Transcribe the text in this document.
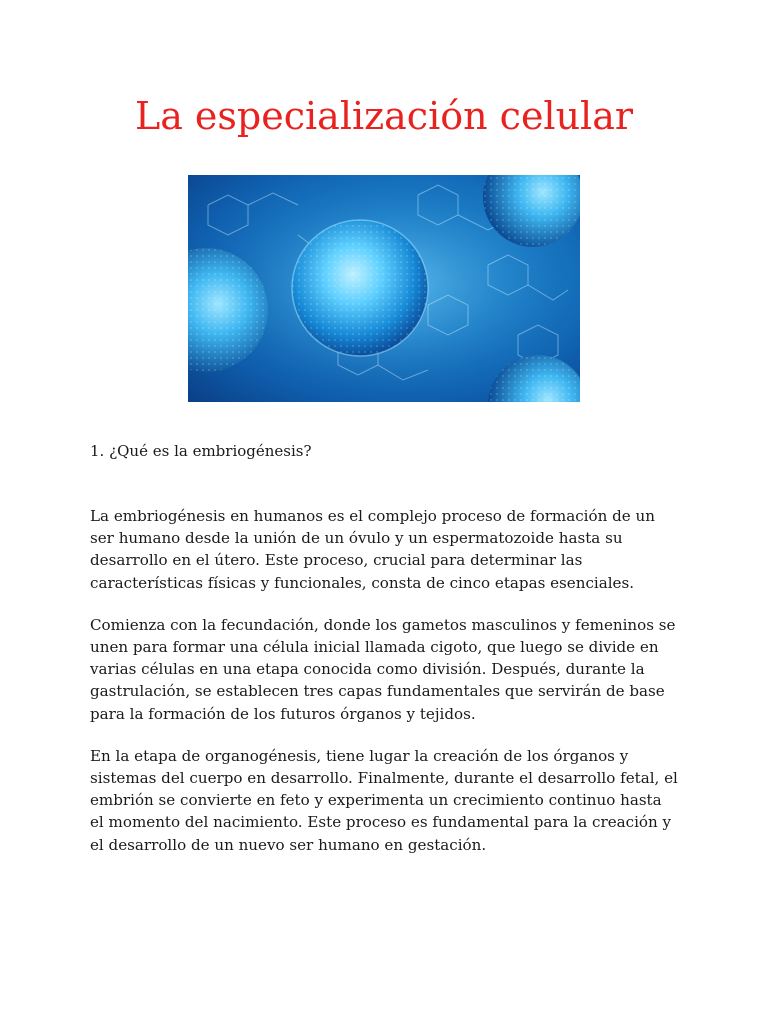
La especialización celular
1. ¿Qué es la embriogénesis?

La embriogénesis en humanos es el complejo proceso de formación de un ser humano desde la unión de un óvulo y un espermatozoide hasta su desarrollo en el útero. Este proceso, crucial para determinar las características físicas y funcionales, consta de cinco etapas esenciales.

Comienza con la fecundación, donde los gametos masculinos y femeninos se unen para formar una célula inicial llamada cigoto, que luego se divide en varias células en una etapa conocida como división. Después, durante la gastrulación, se establecen tres capas fundamentales que servirán de base para la formación de los futuros órganos y tejidos.

En la etapa de organogénesis, tiene lugar la creación de los órganos y sistemas del cuerpo en desarrollo. Finalmente, durante el desarrollo fetal, el embrión se convierte en feto y experimenta un crecimiento continuo hasta el momento del nacimiento. Este proceso es fundamental para la creación y el desarrollo de un nuevo ser humano en gestación.
